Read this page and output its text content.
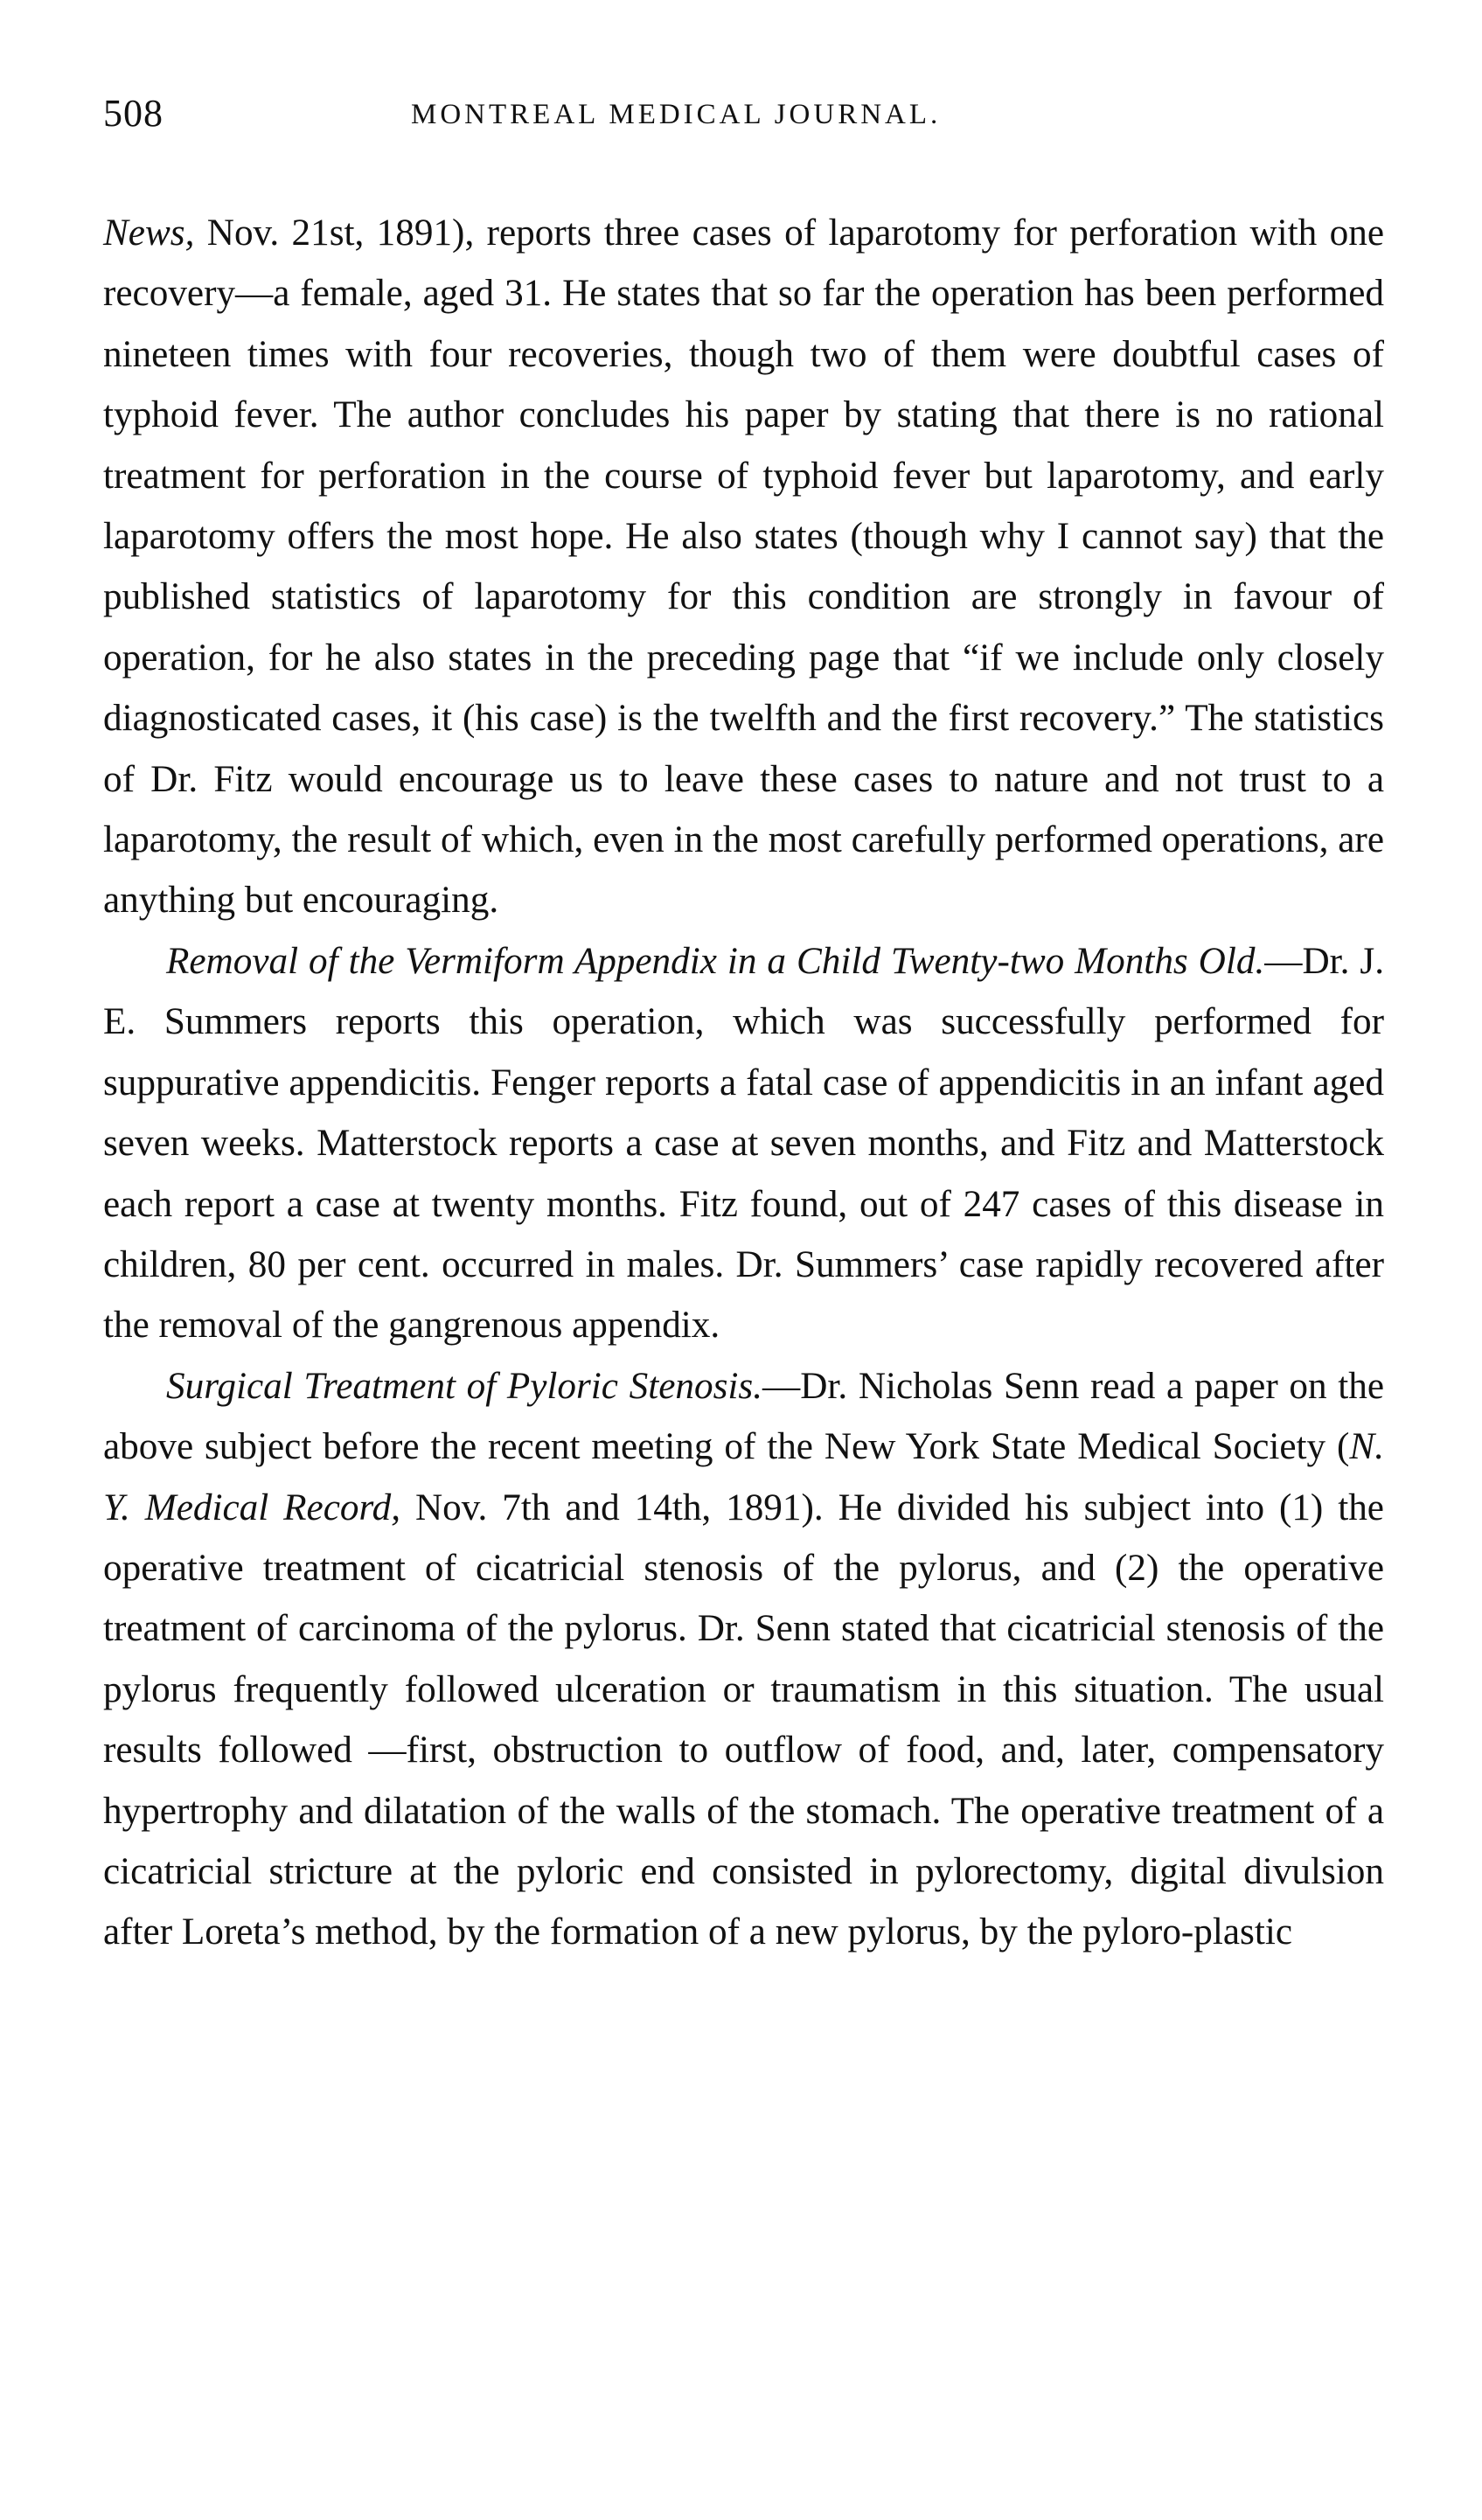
508	MONTREAL MEDICAL JOURNAL.

News, Nov. 21st, 1891), reports three cases of laparotomy for perforation with one recovery—a female, aged 31. He states that so far the operation has been performed nineteen times with four recoveries, though two of them were doubtful cases of typhoid fever. The author concludes his paper by stating that there is no rational treatment for perforation in the course of typhoid fever but laparotomy, and early laparotomy offers the most hope. He also states (though why I cannot say) that the published statistics of laparotomy for this condition are strongly in favour of operation, for he also states in the preceding page that “if we include only closely diagnosticated cases, it (his case) is the twelfth and the first recovery.” The statistics of Dr. Fitz would encourage us to leave these cases to nature and not trust to a laparotomy, the result of which, even in the most carefully performed operations, are anything but encouraging.

Removal of the Vermiform Appendix in a Child Twenty-two Months Old.—Dr. J. E. Summers reports this operation, which was successfully performed for suppurative appendicitis. Fenger reports a fatal case of appendicitis in an infant aged seven weeks. Matterstock reports a case at seven months, and Fitz and Matterstock each report a case at twenty months. Fitz found, out of 247 cases of this disease in children, 80 per cent. occurred in males. Dr. Summers’ case rapidly recovered after the removal of the gangrenous appendix.

Surgical Treatment of Pyloric Stenosis.—Dr. Nicholas Senn read a paper on the above subject before the recent meeting of the New York State Medical Society (N. Y. Medical Record, Nov. 7th and 14th, 1891). He divided his subject into (1) the operative treatment of cicatricial stenosis of the pylorus, and (2) the operative treatment of carcinoma of the pylorus. Dr. Senn stated that cicatricial stenosis of the pylorus frequently followed ulceration or traumatism in this situation. The usual results followed —first, obstruction to outflow of food, and, later, compensatory hypertrophy and dilatation of the walls of the stomach. The operative treatment of a cicatricial stricture at the pyloric end consisted in pylorectomy, digital divulsion after Loreta’s method, by the formation of a new pylorus, by the pyloro-plastic
